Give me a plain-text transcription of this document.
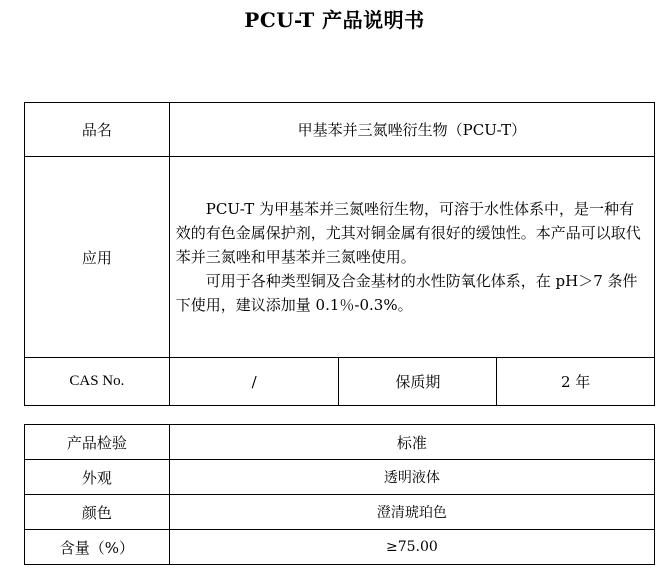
PCU-T 产品说明书
品名	甲基苯并三氮唑衍生物（PCU-T）		
应用	PCU-T 为甲基苯并三氮唑衍生物，可溶于水性体系中，是一种有效的有色金属保护剂，尤其对铜金属有很好的缓蚀性。本产品可以取代苯并三氮唑和甲基苯并三氮唑使用。

可用于各种类型铜及合金基材的水性防氧化体系，在 pH＞7 条件下使用，建议添加量 0.1％-0.3%。		

CAS No.	/	保质期	2 年
产品检验	标准
外观	透明液体
颜色	澄清琥珀色
含量（%）	≥75.00
